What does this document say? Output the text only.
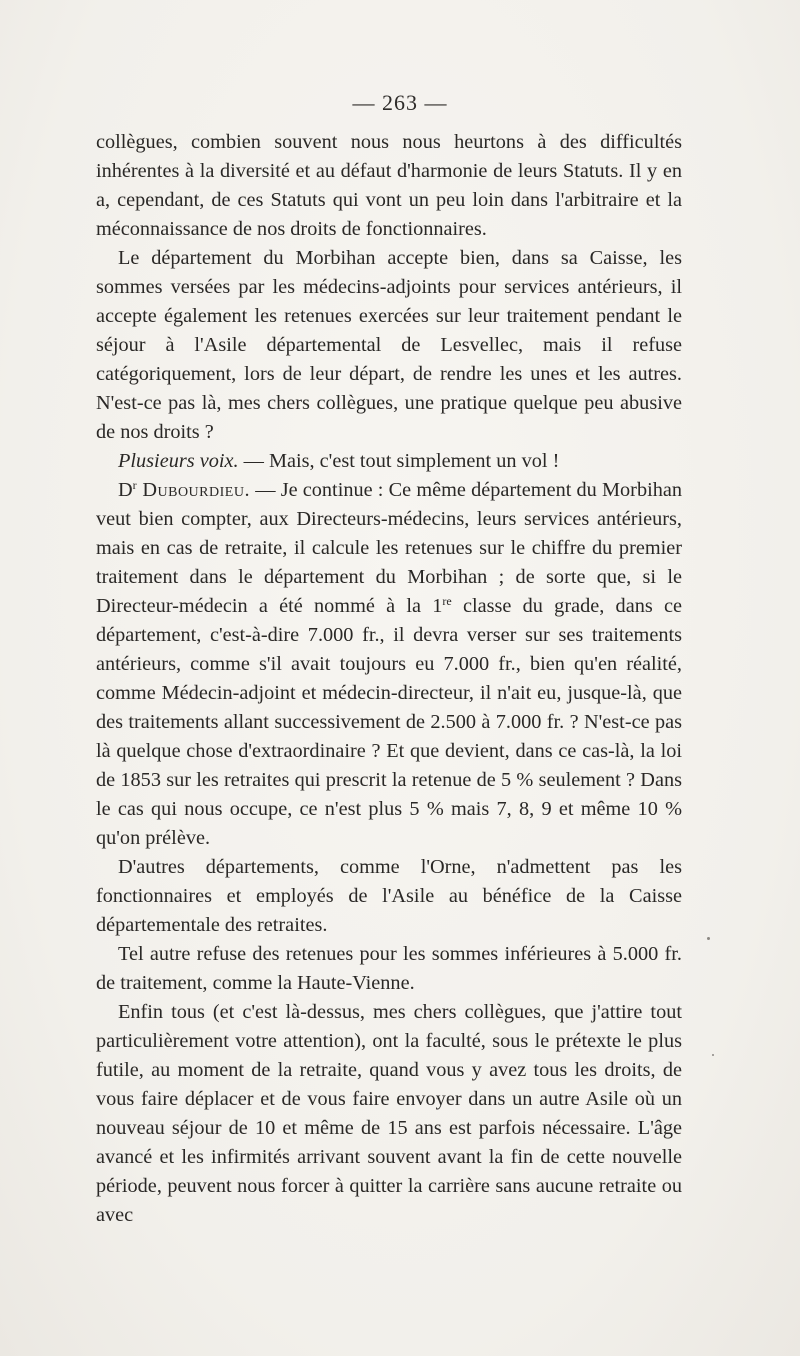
— 263 —

collègues, combien souvent nous nous heurtons à des difficultés inhérentes à la diversité et au défaut d'harmonie de leurs Statuts. Il y en a, cependant, de ces Statuts qui vont un peu loin dans l'arbitraire et la méconnaissance de nos droits de fonctionnaires.

Le département du Morbihan accepte bien, dans sa Caisse, les sommes versées par les médecins-adjoints pour services antérieurs, il accepte également les retenues exercées sur leur traitement pendant le séjour à l'Asile départemental de Lesvellec, mais il refuse catégoriquement, lors de leur départ, de rendre les unes et les autres. N'est-ce pas là, mes chers collègues, une pratique quelque peu abusive de nos droits ?

Plusieurs voix. — Mais, c'est tout simplement un vol !

$D^r$ Dubourdieu. — Je continue : Ce même département du Morbihan veut bien compter, aux Directeurs-médecins, leurs services antérieurs, mais en cas de retraite, il calcule les retenues sur le chiffre du premier traitement dans le département du Morbihan ; de sorte que, si le Directeur-médecin a été nommé à la 1re classe du grade, dans ce département, c'est-à-dire 7.000 fr., il devra verser sur ses traitements antérieurs, comme s'il avait toujours eu 7.000 fr., bien qu'en réalité, comme Médecin-adjoint et médecin-directeur, il n'ait eu, jusque-là, que des traitements allant successivement de 2.500 à 7.000 fr. ? N'est-ce pas là quelque chose d'extraordinaire ? Et que devient, dans ce cas-là, la loi de 1853 sur les retraites qui prescrit la retenue de 5 % seulement ? Dans le cas qui nous occupe, ce n'est plus 5 % mais 7, 8, 9 et même 10 % qu'on prélève.

D'autres départements, comme l'Orne, n'admettent pas les fonctionnaires et employés de l'Asile au bénéfice de la Caisse départementale des retraites.

Tel autre refuse des retenues pour les sommes inférieures à 5.000 fr. de traitement, comme la Haute-Vienne.

Enfin tous (et c'est là-dessus, mes chers collègues, que j'attire tout particulièrement votre attention), ont la faculté, sous le prétexte le plus futile, au moment de la retraite, quand vous y avez tous les droits, de vous faire déplacer et de vous faire envoyer dans un autre Asile où un nouveau séjour de 10 et même de 15 ans est parfois nécessaire. L'âge avancé et les infirmités arrivant souvent avant la fin de cette nouvelle période, peuvent nous forcer à quitter la carrière sans aucune retraite ou avec
